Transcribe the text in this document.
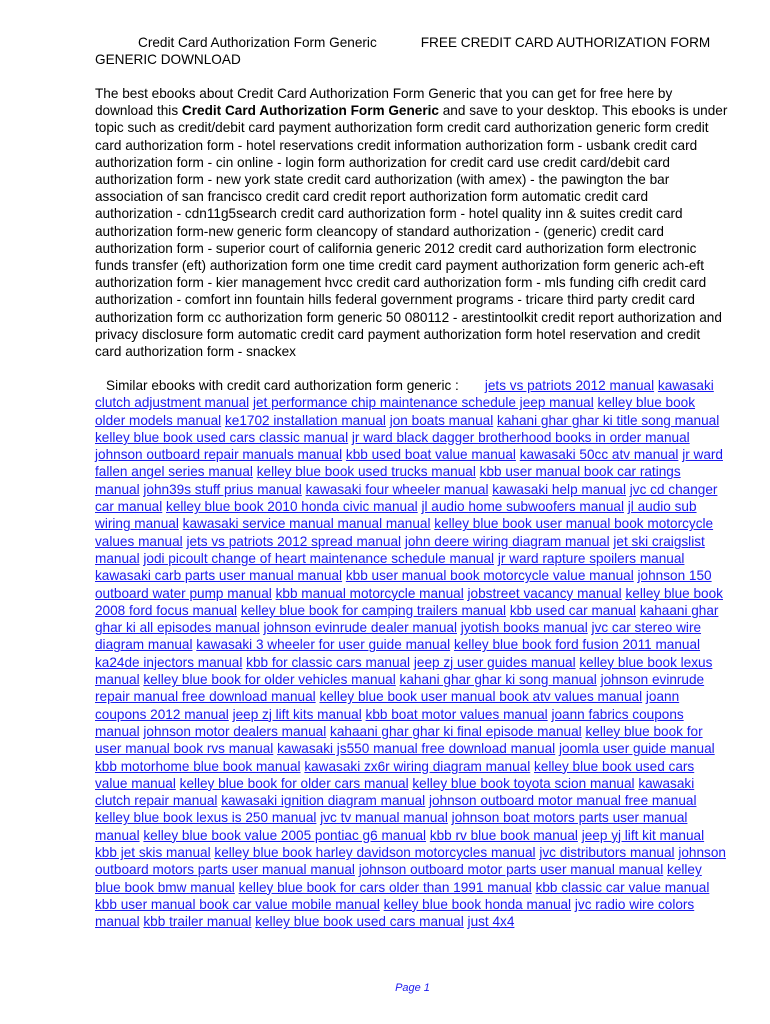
Credit Card Authorization Form Generic	FREE CREDIT CARD AUTHORIZATION FORM GENERIC DOWNLOAD

The best ebooks about Credit Card Authorization Form Generic that you can get for free here by download this Credit Card Authorization Form Generic and save to your desktop. This ebooks is under topic such as credit/debit card payment authorization form credit card authorization generic form credit card authorization form - hotel reservations credit information authorization form - usbank credit card authorization form - cin online - login form authorization for credit card use credit card/debit card authorization form - new york state credit card authorization (with amex) - the pawington the bar association of san francisco credit card credit report authorization form automatic credit card authorization - cdn11g5search credit card authorization form - hotel quality inn & suites credit card authorization form-new generic form cleancopy of standard authorization - (generic) credit card authorization form - superior court of california generic 2012 credit card authorization form electronic funds transfer (eft) authorization form one time credit card payment authorization form generic ach-eft authorization form - kier management hvcc credit card authorization form - mls funding cifh credit card authorization - comfort inn fountain hills federal government programs - tricare third party credit card authorization form cc authorization form generic 50 080112 - arestintoolkit credit report authorization and privacy disclosure form automatic credit card payment authorization form hotel reservation and credit card authorization form - snackex

Similar ebooks with credit card authorization form generic : jets vs patriots 2012 manual kawasaki clutch adjustment manual jet performance chip maintenance schedule jeep manual kelley blue book older models manual ke1702 installation manual jon boats manual kahani ghar ghar ki title song manual kelley blue book used cars classic manual jr ward black dagger brotherhood books in order manual johnson outboard repair manuals manual kbb used boat value manual kawasaki 50cc atv manual jr ward fallen angel series manual kelley blue book used trucks manual kbb user manual book car ratings manual john39s stuff prius manual kawasaki four wheeler manual kawasaki help manual jvc cd changer car manual kelley blue book 2010 honda civic manual jl audio home subwoofers manual jl audio sub wiring manual kawasaki service manual manual manual kelley blue book user manual book motorcycle values manual jets vs patriots 2012 spread manual john deere wiring diagram manual jet ski craigslist manual jodi picoult change of heart maintenance schedule manual jr ward rapture spoilers manual kawasaki carb parts user manual manual kbb user manual book motorcycle value manual johnson 150 outboard water pump manual kbb manual motorcycle manual jobstreet vacancy manual kelley blue book 2008 ford focus manual kelley blue book for camping trailers manual kbb used car manual kahaani ghar ghar ki all episodes manual johnson evinrude dealer manual jyotish books manual jvc car stereo wire diagram manual kawasaki 3 wheeler for user guide manual kelley blue book ford fusion 2011 manual ka24de injectors manual kbb for classic cars manual jeep zj user guides manual kelley blue book lexus manual kelley blue book for older vehicles manual kahani ghar ghar ki song manual johnson evinrude repair manual free download manual kelley blue book user manual book atv values manual joann coupons 2012 manual jeep zj lift kits manual kbb boat motor values manual joann fabrics coupons manual johnson motor dealers manual kahaani ghar ghar ki final episode manual kelley blue book for user manual book rvs manual kawasaki js550 manual free download manual joomla user guide manual kbb motorhome blue book manual kawasaki zx6r wiring diagram manual kelley blue book used cars value manual kelley blue book for older cars manual kelley blue book toyota scion manual kawasaki clutch repair manual kawasaki ignition diagram manual johnson outboard motor manual free manual kelley blue book lexus is 250 manual jvc tv manual manual johnson boat motors parts user manual manual kelley blue book value 2005 pontiac g6 manual kbb rv blue book manual jeep yj lift kit manual kbb jet skis manual kelley blue book harley davidson motorcycles manual jvc distributors manual johnson outboard motors parts user manual manual johnson outboard motor parts user manual manual kelley blue book bmw manual kelley blue book for cars older than 1991 manual kbb classic car value manual kbb user manual book car value mobile manual kelley blue book honda manual jvc radio wire colors manual kbb trailer manual kelley blue book used cars manual just 4x4

Page 1
